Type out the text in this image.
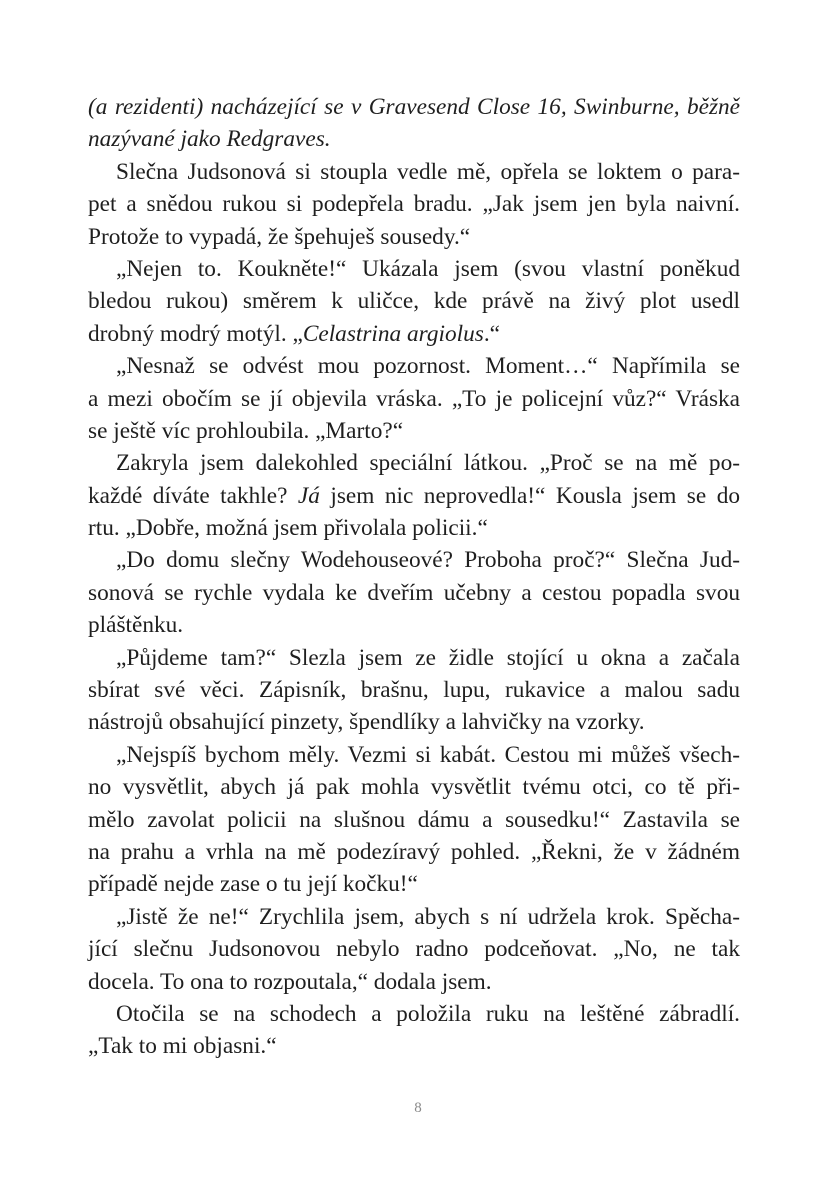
(a rezidenti) nacházející se v Gravesend Close 16, Swinburne, běžně
nazývané jako Redgraves.
Slečna Judsonová si stoupla vedle mě, opřela se loktem o para-
pet a snědou rukou si podepřela bradu. „Jak jsem jen byla naivní.
Protože to vypadá, že špehuješ sousedy.“
„Nejen to. Koukněte!“ Ukázala jsem (svou vlastní poněkud
bledou rukou) směrem k uličce, kde právě na živý plot usedl
drobný modrý motýl. „Celastrina argiolus.“
„Nesnaž se odvést mou pozornost. Moment…“ Napřímila se
a mezi obočím se jí objevila vráska. „To je policejní vůz?“ Vráska
se ještě víc prohloubila. „Marto?“
Zakryla jsem dalekohled speciální látkou. „Proč se na mě po-
každé díváte takhle? Já jsem nic neprovedla!“ Kousla jsem se do
rtu. „Dobře, možná jsem přivolala policii.“
„Do domu slečny Wodehouseové? Proboha proč?“ Slečna Jud-
sonová se rychle vydala ke dveřím učebny a cestou popadla svou
pláštěnku.
„Půjdeme tam?“ Slezla jsem ze židle stojící u okna a začala
sbírat své věci. Zápisník, brašnu, lupu, rukavice a malou sadu
nástrojů obsahující pinzety, špendlíky a lahvičky na vzorky.
„Nejspíš bychom měly. Vezmi si kabát. Cestou mi můžeš všech-
no vysvětlit, abych já pak mohla vysvětlit tvému otci, co tě při-
mělo zavolat policii na slušnou dámu a sousedku!“ Zastavila se
na prahu a vrhla na mě podezíravý pohled. „Řekni, že v žádném
případě nejde zase o tu její kočku!“
„Jistě že ne!“ Zrychlila jsem, abych s ní udržela krok. Spěcha-
jící slečnu Judsonovou nebylo radno podceňovat. „No, ne tak
docela. To ona to rozpoutala,“ dodala jsem.
Otočila se na schodech a položila ruku na leštěné zábradlí.
„Tak to mi objasni.“
8
